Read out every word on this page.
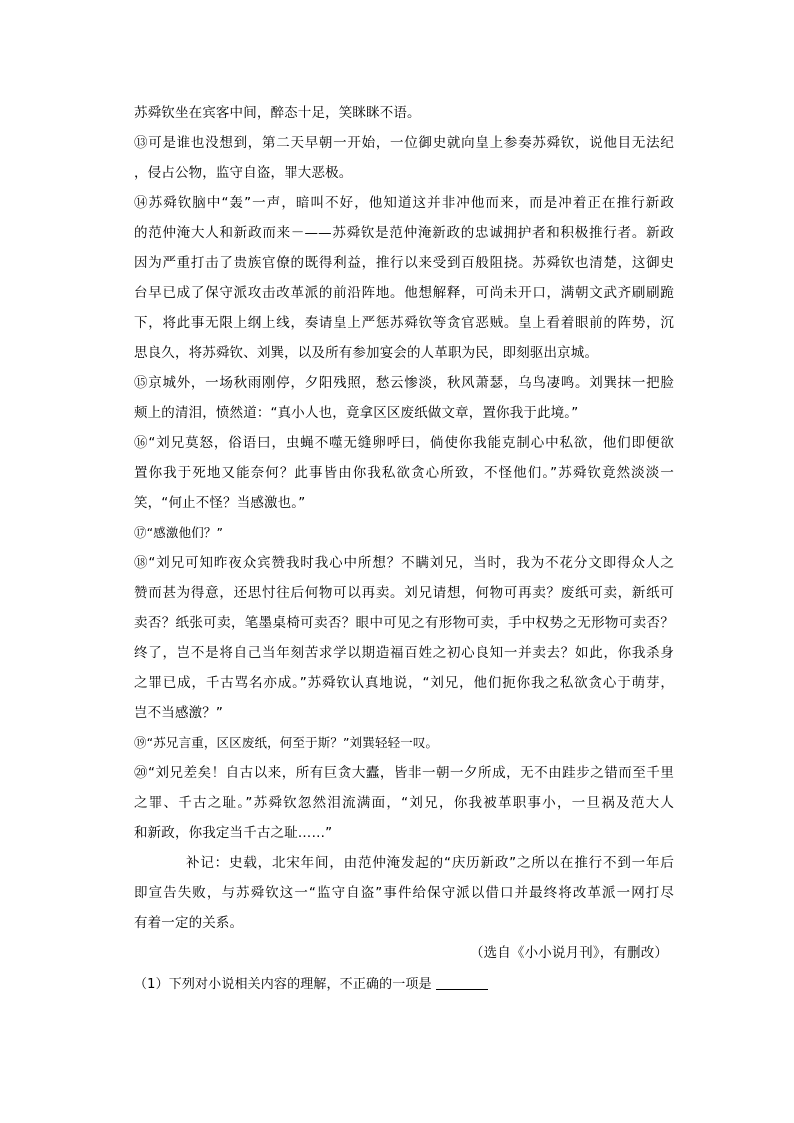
苏舜钦坐在宾客中间，醉态十足，笑眯眯不语。
⑬可是谁也没想到，第二天早朝一开始，一位御史就向皇上参奏苏舜钦，说他目无法纪
，侵占公物，监守自盗，罪大恶极。
⑭苏舜钦脑中“轰”一声，暗叫不好，他知道这并非冲他而来，而是冲着正在推行新政
的范仲淹大人和新政而来－——苏舜钦是范仲淹新政的忠诚拥护者和积极推行者。新政
因为严重打击了贵族官僚的既得利益，推行以来受到百般阻挠。苏舜钦也清楚，这御史
台早已成了保守派攻击改革派的前沿阵地。他想解释，可尚未开口，满朝文武齐刷刷跪
下，将此事无限上纲上线，奏请皇上严惩苏舜钦等贪官恶贼。皇上看着眼前的阵势，沉
思良久，将苏舜钦、刘巽，以及所有参加宴会的人革职为民，即刻驱出京城。
⑮京城外，一场秋雨刚停，夕阳残照，愁云惨淡，秋风萧瑟，乌鸟凄鸣。刘巽抹一把脸
颊上的清泪，愤然道：“真小人也，竟拿区区废纸做文章，置你我于此境。”
⑯“刘兄莫怒，俗语曰，虫蝇不噬无缝卵呼曰，倘使你我能克制心中私欲，他们即便欲
置你我于死地又能奈何？此事皆由你我私欲贪心所致，不怪他们。”苏舜钦竟然淡淡一
笑，“何止不怪？当感激也。”
⑰“感激他们？”
⑱“刘兄可知昨夜众宾赞我时我心中所想？不瞒刘兄，当时，我为不花分文即得众人之
赞而甚为得意，还思忖往后何物可以再卖。刘兄请想，何物可再卖？废纸可卖，新纸可
卖否？纸张可卖，笔墨桌椅可卖否？眼中可见之有形物可卖，手中权势之无形物可卖否？
终了，岂不是将自己当年刻苦求学以期造福百姓之初心良知一并卖去？如此，你我杀身
之罪已成，千古骂名亦成。”苏舜钦认真地说，“刘兄，他们扼你我之私欲贪心于萌芽，
岂不当感激？”
⑲“苏兄言重，区区废纸，何至于斯？”刘巽轻轻一叹。
⑳“刘兄差矣！自古以来，所有巨贪大蠹，皆非一朝一夕所成，无不由跬步之错而至千里
之罪、千古之耻。”苏舜钦忽然泪流满面，“刘兄，你我被革职事小，一旦祸及范大人
和新政，你我定当千古之耻……”
补记：史载，北宋年间，由范仲淹发起的“庆历新政”之所以在推行不到一年后
即宣告失败，与苏舜钦这一“监守自盗”事件给保守派以借口并最终将改革派一网打尽
有着一定的关系。
（选自《小小说月刊》，有删改）
（1）下列对小说相关内容的理解，不正确的一项是
